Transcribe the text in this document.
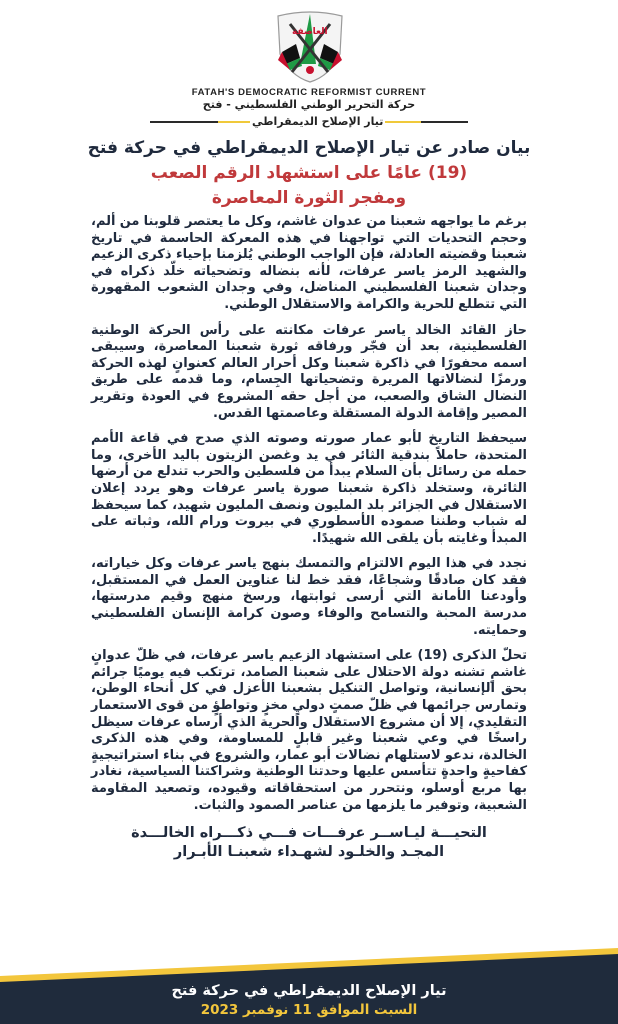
العاصفة
FATAH'S DEMOCRATIC REFORMIST CURRENT
حركة التحرير الوطني الفلسطيني - فتح
تيار الإصلاح الديمقراطي
بيان صادر عن تيار الإصلاح الديمقراطي في حركة فتح
(19) عامًا على استشهاد الرقم الصعب
ومفجر الثورة المعاصرة

برغم ما يواجهه شعبنا من عدوان غاشم، وكل ما يعتصر قلوبنا من ألم، وحجم التحديات التي تواجهنا في هذه المعركة الحاسمة في تاريخ شعبنا وقضيته العادلة، فإن الواجب الوطني يُلزمنا بإحياء ذكرى الزعيم والشهيد الرمز ياسر عرفات، لأنه بنضاله وتضحياته خلّد ذكراه في وجدان شعبنا الفلسطيني المناضل، وفي وجدان الشعوب المقهورة التي تتطلع للحرية والكرامة والاستقلال الوطني.

حاز القائد الخالد ياسر عرفات مكانته على رأس الحركة الوطنية الفلسطينية، بعد أن فجّر ورفاقه ثورة شعبنا المعاصرة، وسيبقى اسمه محفورًا في ذاكرة شعبنا وكل أحرار العالم كعنوانٍ لهذه الحركة ورمزًا لنضالاتها المريرة وتضحياتها الجِسام، وما قدمه على طريق النضال الشاق والصعب، من أجل حقه المشروع في العودة وتقرير المصير وإقامة الدولة المستقلة وعاصمتها القدس.

سيحفظ التاريخ لأبو عمار صورته وصوته الذي صدح في قاعة الأمم المتحدة، حاملاً بندقية الثائر في يد وغصن الزيتون باليد الأخرى، وما حمله من رسائل بأن السلام يبدأ من فلسطين والحرب تندلع من أرضها الثائرة، وستخلد ذاكرة شعبنا صورة ياسر عرفات وهو يردد إعلان الاستقلال في الجزائر بلد المليون ونصف المليون شهيد، كما سيحفظ له شباب وطننا صموده الأسطوري في بيروت ورام الله، وثباته على المبدأ وغايته بأن يلقى الله شهيدًا.

نجدد في هذا اليوم الالتزام والتمسك بنهج ياسر عرفات وكل خياراته، فقد كان صادقًا وشجاعًا، فقد خط لنا عناوين العمل في المستقبل، وأودعنا الأمانة التي أرسى ثوابتها، ورسخ منهج وقيم مدرستها، مدرسة المحبة والتسامح والوفاء وصون كرامة الإنسان الفلسطيني وحمايته.

تحلّ الذكرى (19) على استشهاد الزعيم ياسر عرفات، في ظلّ عدوانٍ غاشمٍ تشنه دولة الاحتلال على شعبنا الصامد، ترتكب فيه يوميًا جرائم بحق الإنسانية، وتواصل التنكيل بشعبنا الأعزل في كل أنحاء الوطن، وتمارس جرائمها في ظلّ صمتٍ دوليٍ مخزٍ وتواطؤٍ من قوى الاستعمار التقليدي، إلا أن مشروع الاستقلال والحرية الذي أرساه عرفات سيظل راسخًا في وعي شعبنا وغير قابلٍ للمساومة، وفي هذه الذكرى الخالدة، ندعو لاستلهام نضالات أبو عمار، والشروع في بناء استراتيجيةٍ كفاحيةٍ واحدةٍ تتأسس عليها وحدتنا الوطنية وشراكتنا السياسية، نغادر بها مربع أوسلو، ونتحرر من استحقاقاته وقيوده، وتصعيد المقاومة الشعبية، وتوفير ما يلزمها من عناصر الصمود والثبات.

التحيـــة ليـاســر عرفـــات فـــي ذكـــراه الخالـــدة
المجـد والخلـود لشهـداء شعبنـا الأبـرار
تيار الإصلاح الديمقراطي في حركة فتح
السبت الموافق 11 نوفمبر 2023
